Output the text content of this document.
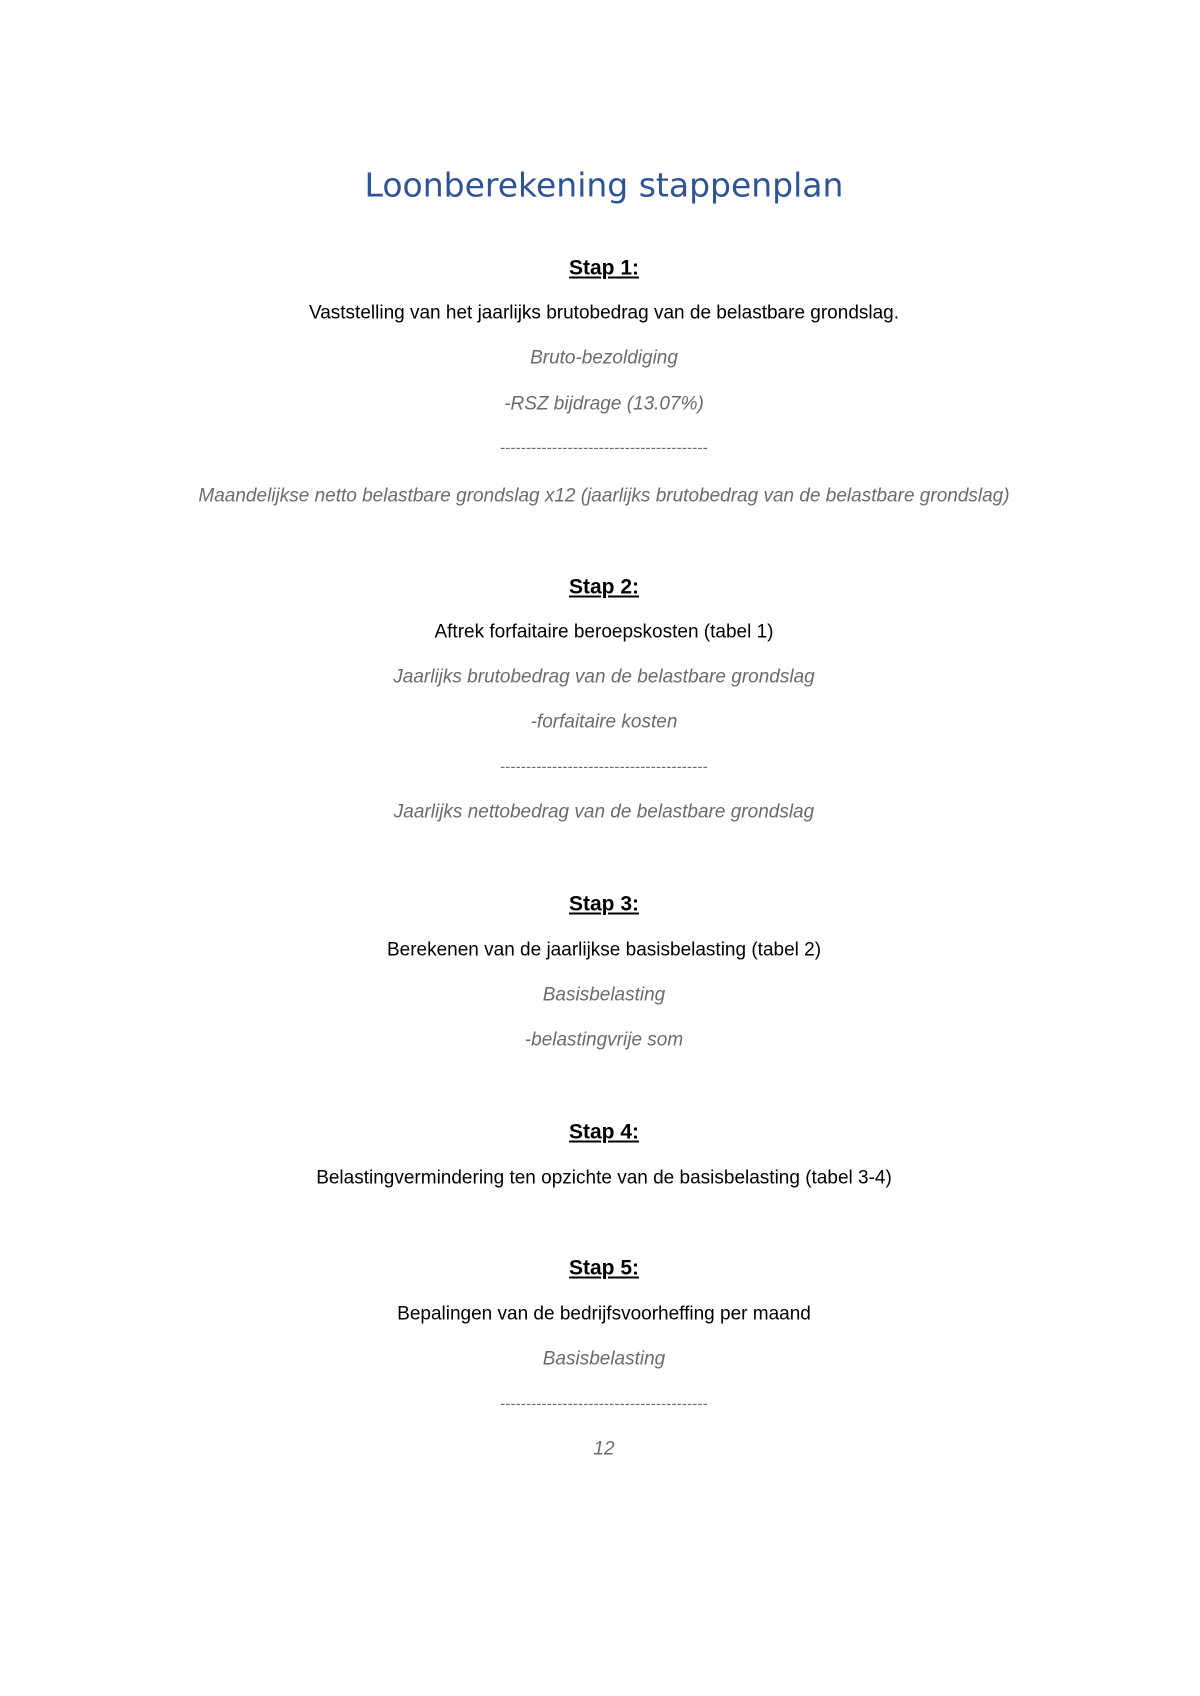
Loonberekening stappenplan
Stap 1:
Vaststelling van het jaarlijks brutobedrag van de belastbare grondslag.
Bruto-bezoldiging
-RSZ bijdrage (13.07%)
----------------------------------------
Maandelijkse netto belastbare grondslag x12 (jaarlijks brutobedrag van de belastbare grondslag)
Stap 2:
Aftrek forfaitaire beroepskosten (tabel 1)
Jaarlijks brutobedrag van de belastbare grondslag
-forfaitaire kosten
----------------------------------------
Jaarlijks nettobedrag van de belastbare grondslag
Stap 3:
Berekenen van de jaarlijkse basisbelasting (tabel 2)
Basisbelasting
-belastingvrije som
Stap 4:
Belastingvermindering ten opzichte van de basisbelasting (tabel 3-4)
Stap 5:
Bepalingen van de bedrijfsvoorheffing per maand
Basisbelasting
----------------------------------------
12
